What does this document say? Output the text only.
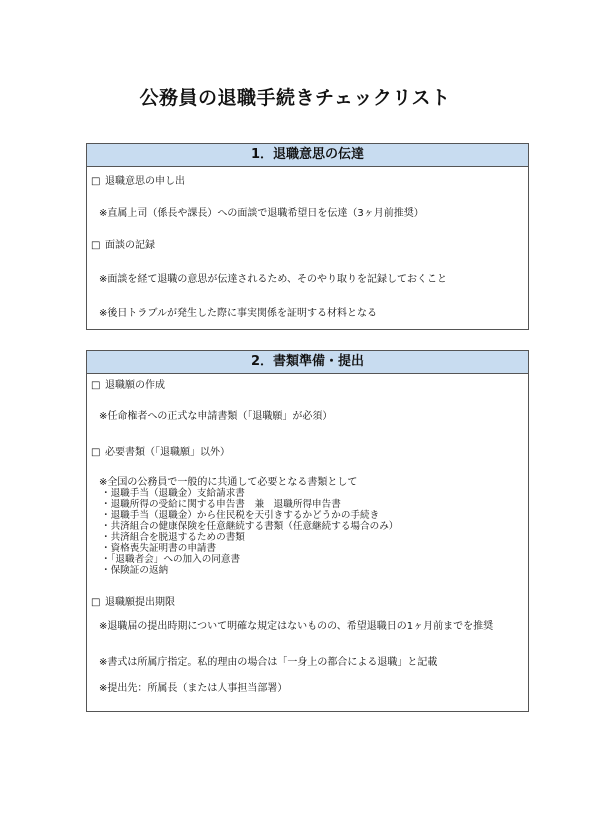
公務員の退職手続きチェックリスト
1．退職意思の伝達
□ 退職意思の申し出
※直属上司（係長や課長）への面談で退職希望日を伝達（3ヶ月前推奨）
□ 面談の記録
※面談を経て退職の意思が伝達されるため、そのやり取りを記録しておくこと
※後日トラブルが発生した際に事実関係を証明する材料となる
2．書類準備・提出
□ 退職願の作成
※任命権者への正式な申請書類（「退職願」が必須）
□ 必要書類（「退職願」以外）
※全国の公務員で一般的に共通して必要となる書類として
・退職手当（退職金）支給請求書
・退職所得の受給に関する申告書　兼　退職所得申告書
・退職手当（退職金）から住民税を天引きするかどうかの手続き
・共済組合の健康保険を任意継続する書類（任意継続する場合のみ）
・共済組合を脱退するための書類
・資格喪失証明書の申請書
・「退職者会」への加入の同意書
・保険証の返納
□ 退職願提出期限
※退職届の提出時期について明確な規定はないものの、希望退職日の1ヶ月前までを推奨
※書式は所属庁指定。私的理由の場合は「一身上の都合による退職」と記載
※提出先：所属長（または人事担当部署）
